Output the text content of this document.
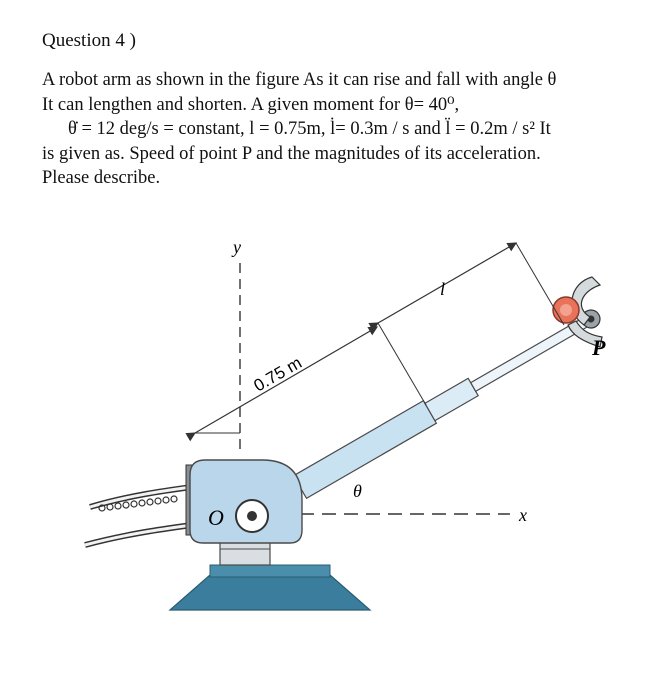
Question 4 )
A robot arm as shown in the figure As it can rise and fall with angle θ
It can lengthen and shorten. A given moment for θ= 40⁰,
θ̇ = 12 deg/s = constant, l = 0.75m, l̇= 0.3m / s and l̈ = 0.2m / s² It
is given as. Speed of point P and the magnitudes of its acceleration.
Please describe.
y
x
P
O
θ
0.75 m
l
